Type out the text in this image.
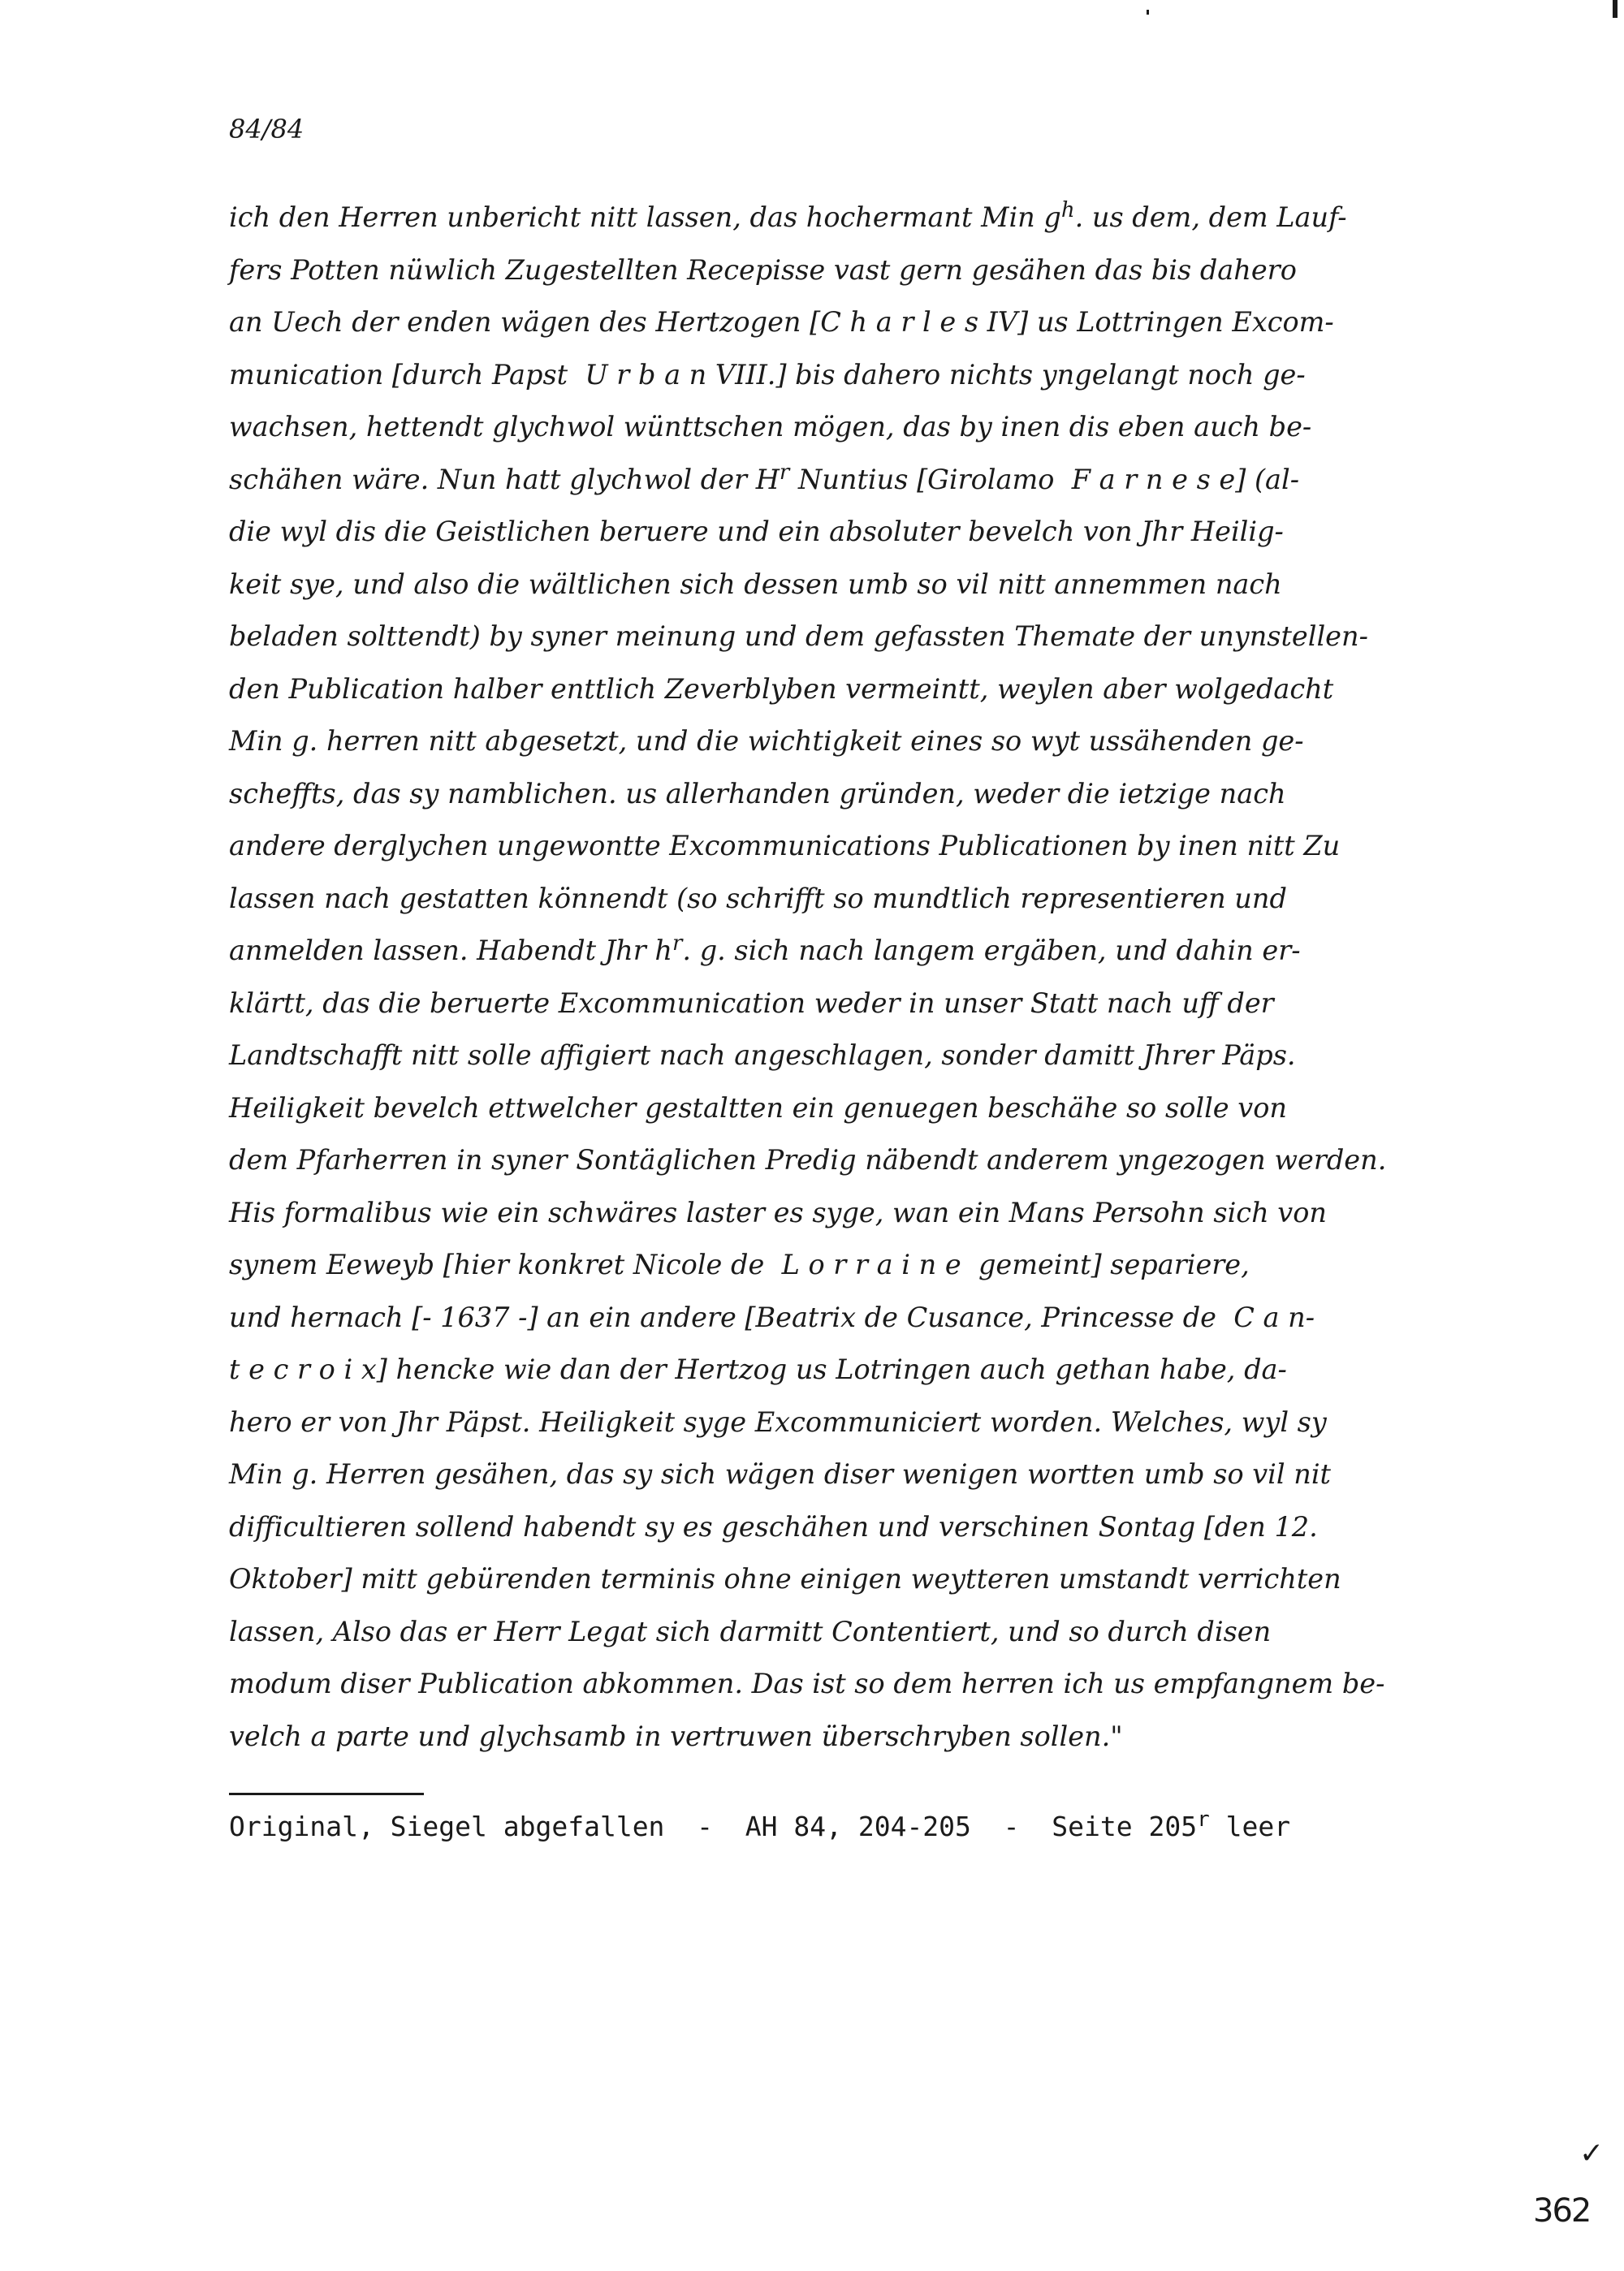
84/84
ich den Herren unbericht nitt lassen, das hochermant Min $g^h$. us dem, dem Lauf-
fers Potten nüwlich Zugestellten Recepisse vast gern gesähen das bis dahero
an Uech der enden wägen des Hertzogen [C h a r l e s IV] us Lottringen Excom-
munication [durch Papst  U r b a n VIII.] bis dahero nichts yngelangt noch ge-
wachsen, hettendt glychwol wünttschen mögen, das by inen dis eben auch be-
schähen wäre. Nun hatt glychwol der $H^r$ Nuntius [Girolamo  F a r n e s e] (al-
die wyl dis die Geistlichen beruere und ein absoluter bevelch von Jhr Heilig-
keit sye, und also die wältlichen sich dessen umb so vil nitt annemmen nach
beladen solttendt) by syner meinung und dem gefassten Themate der unynstellen-
den Publication halber enttlich Zeverblyben vermeintt, weylen aber wolgedacht
Min g. herren nitt abgesetzt, und die wichtigkeit eines so wyt ussähenden ge-
scheffts, das sy namblichen. us allerhanden gründen, weder die ietzige nach
andere derglychen ungewontte Excommunications Publicationen by inen nitt Zu
lassen nach gestatten könnendt (so schrifft so mundtlich representieren und
anmelden lassen. Habendt Jhr $h^r$. g. sich nach langem ergäben, und dahin er-
klärtt, das die beruerte Excommunication weder in unser Statt nach uff der
Landtschafft nitt solle affigiert nach angeschlagen, sonder damitt Jhrer Päps.
Heiligkeit bevelch ettwelcher gestaltten ein genuegen beschähe so solle von
dem Pfarherren in syner Sontäglichen Predig näbendt anderem yngezogen werden.
His formalibus wie ein schwäres laster es syge, wan ein Mans Persohn sich von
synem Eeweyb [hier konkret Nicole de  L o r r a i n e  gemeint] separiere,
und hernach [- 1637 -] an ein andere [Beatrix de Cusance, Princesse de  C a n-
t e c r o i x] hencke wie dan der Hertzog us Lotringen auch gethan habe, da-
hero er von Jhr Päpst. Heiligkeit syge Excommuniciert worden. Welches, wyl sy
Min g. Herren gesähen, das sy sich wägen diser wenigen wortten umb so vil nit
difficultieren sollend habendt sy es geschähen und verschinen Sontag [den 12.
Oktober] mitt gebürenden terminis ohne einigen weytteren umstandt verrichten
lassen, Also das er Herr Legat sich darmitt Contentiert, und so durch disen
modum diser Publication abkommen. Das ist so dem herren ich us empfangnem be-
velch a parte und glychsamb in vertruwen überschryben sollen."
Original, Siegel abgefallen  -  AH 84, 204-205  -  Seite 205$^r$ leer
✓
362
